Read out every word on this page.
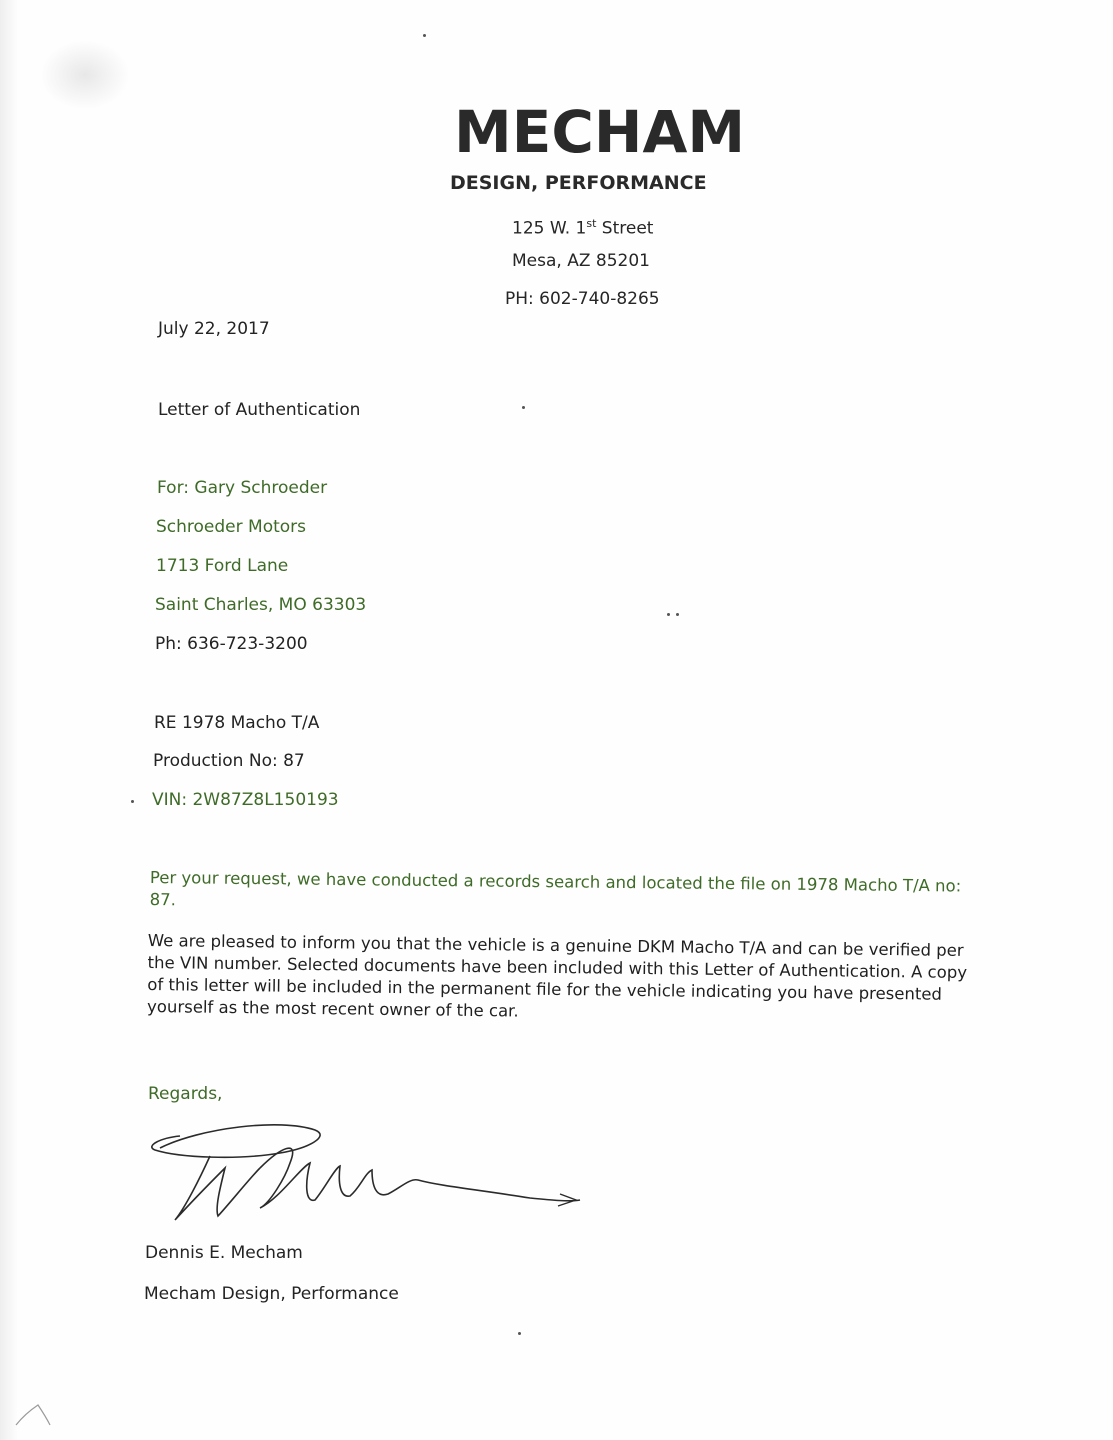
MECHAM
DESIGN, PERFORMANCE
125 W. 1st Street
Mesa, AZ 85201
PH: 602-740-8265
July 22, 2017
Letter of Authentication
For: Gary Schroeder
Schroeder Motors
1713 Ford Lane
Saint Charles, MO 63303
Ph: 636-723-3200
RE 1978 Macho T/A
Production No: 87
VIN: 2W87Z8L150193
Per your request, we have conducted a records search and located the file on 1978 Macho T/A no: 87.
We are pleased to inform you that the vehicle is a genuine DKM Macho T/A and can be verified per the VIN number. Selected documents have been included with this Letter of Authentication. A copy of this letter will be included in the permanent file for the vehicle indicating you have presented yourself as the most recent owner of the car.
Regards,
Dennis E. Mecham
Mecham Design, Performance
